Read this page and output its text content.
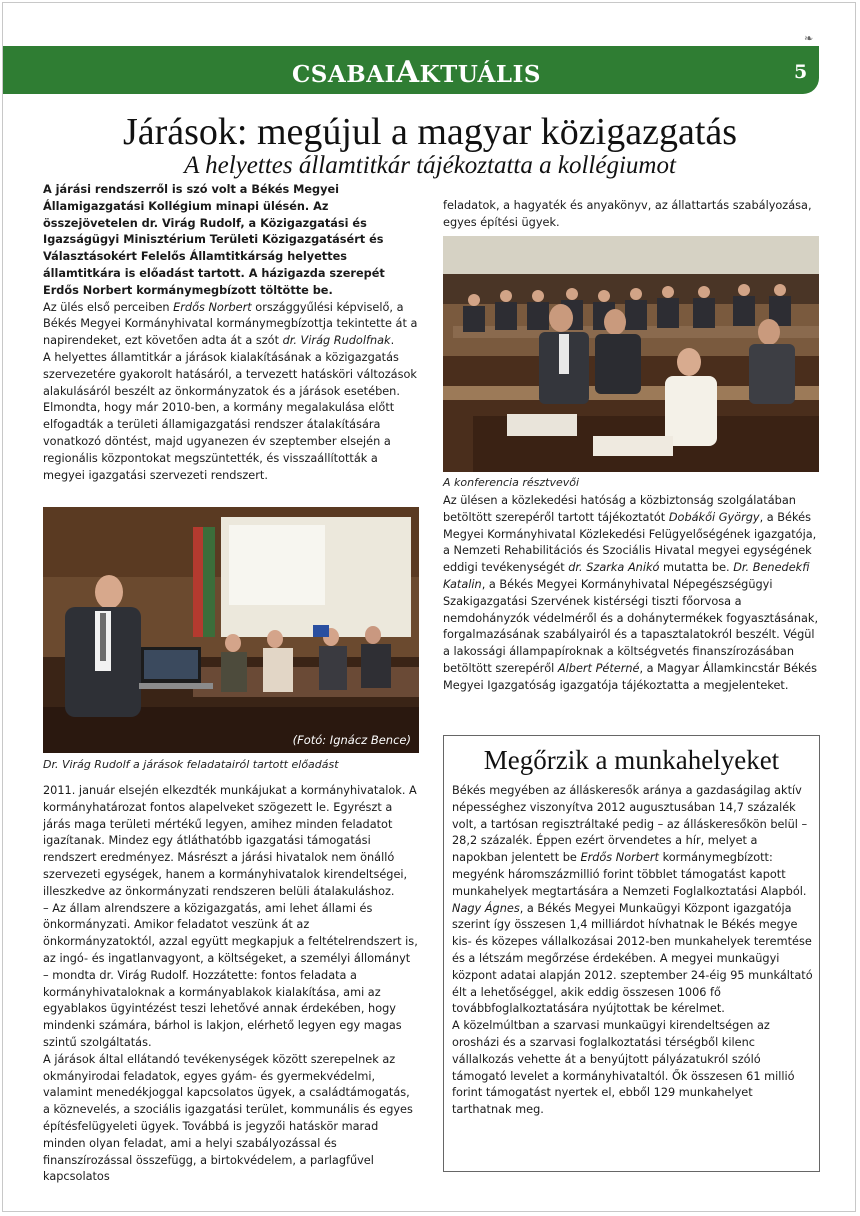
❧
CSABAIAKTUÁLIS	5
Járások: megújul a magyar közigazgatás
A helyettes államtitkár tájékoztatta a kollégiumot

A járási rendszerről is szó volt a Békés Megyei Államigazgatási Kollégium minapi ülésén. Az összejövetelen dr. Virág Rudolf, a Közigazgatási és Igazságügyi Minisztérium Területi Közigazgatásért és Választásokért Felelős Államtitkárság helyettes államtitkára is előadást tartott. A házigazda szerepét Erdős Norbert kormánymegbízott töltötte be.

Az ülés első perceiben Erdős Norbert országgyűlési képviselő, a Békés Megyei Kormányhivatal kormánymegbízottja tekintette át a napirendeket, ezt követően adta át a szót dr. Virág Rudolfnak.

A helyettes államtitkár a járások kialakításának a közigazgatás szervezetére gyakorolt hatásáról, a tervezett hatásköri változások alakulásáról beszélt az önkormányzatok és a járások esetében. Elmondta, hogy már 2010-ben, a kormány megalakulása előtt elfogadták a területi államigazgatási rendszer átalakítására vonatkozó döntést, majd ugyanezen év szeptember elsején a regionális központokat megszüntették, és visszaállították a megyei igazgatási szervezeti rendszert.

(Fotó: Ignácz Bence)
Dr. Virág Rudolf a járások feladatairól tartott előadást

2011. január elsején elkezdték munkájukat a kormányhivatalok. A kormányhatározat fontos alapelveket szögezett le. Egyrészt a járás maga területi mértékű legyen, amihez minden feladatot igazítanak. Mindez egy átláthatóbb igazgatási támogatási rendszert eredményez. Másrészt a járási hivatalok nem önálló szervezeti egységek, hanem a kormányhivatalok kirendeltségei, illeszkedve az önkormányzati rendszeren belüli átalakuláshoz.

– Az állam alrendszere a közigazgatás, ami lehet állami és önkormányzati. Amikor feladatot veszünk át az önkormányzatoktól, azzal együtt megkapjuk a feltételrendszert is, az ingó- és ingatlanvagyont, a költségeket, a személyi állományt – mondta dr. Virág Rudolf. Hozzátette: fontos feladata a kormányhivataloknak a kormányablakok kialakítása, ami az egyablakos ügyintézést teszi lehetővé annak érdekében, hogy mindenki számára, bárhol is lakjon, elérhető legyen egy magas szintű szolgáltatás.

A járások által ellátandó tevékenységek között szerepelnek az okmányirodai feladatok, egyes gyám- és gyermekvédelmi, valamint menedékjoggal kapcsolatos ügyek, a családtámogatás, a köznevelés, a szociális igazgatási terület, kommunális és egyes építésfelügyeleti ügyek. Továbbá is jegyzői hatáskör marad minden olyan feladat, ami a helyi szabályozással és finanszírozással összefügg, a birtokvédelem, a parlagfűvel kapcsolatos

feladatok, a hagyaték és anyakönyv, az állattartás szabályozása, egyes építési ügyek.
A konferencia résztvevői

Az ülésen a közlekedési hatóság a közbiztonság szolgálatában betöltött szerepéről tartott tájékoztatót Dobákői György, a Békés Megyei Kormányhivatal Közlekedési Felügyelőségének igazgatója, a Nemzeti Rehabilitációs és Szociális Hivatal megyei egységének eddigi tevékenységét dr. Szarka Anikó mutatta be. Dr. Benedekfi Katalin, a Békés Megyei Kormányhivatal Népegészségügyi Szakigazgatási Szervének kistérségi tiszti főorvosa a nemdohányzók védelméről és a dohánytermékek fogyasztásának, forgalmazásának szabályairól és a tapasztalatokról beszélt. Végül a lakossági állampapíroknak a költségvetés finanszírozásában betöltött szerepéről Albert Péterné, a Magyar Államkincstár Békés Megyei Igazgatóság igazgatója tájékoztatta a megjelenteket.

Megőrzik a munkahelyeket

Békés megyében az álláskeresők aránya a gazdaságilag aktív népességhez viszonyítva 2012 augusztusában 14,7 százalék volt, a tartósan regisztráltaké pedig – az álláskeresőkön belül – 28,2 százalék. Éppen ezért örvendetes a hír, melyet a napokban jelentett be Erdős Norbert kormánymegbízott: megyénk háromszázmillió forint többlet támogatást kapott munkahelyek megtartására a Nemzeti Foglalkoztatási Alapból.

Nagy Ágnes, a Békés Megyei Munkaügyi Központ igazgatója szerint így összesen 1,4 milliárdot hívhatnak le Békés megye kis- és közepes vállalkozásai 2012-ben munkahelyek teremtése és a létszám megőrzése érdekében. A megyei munkaügyi központ adatai alapján 2012. szeptember 24-éig 95 munkáltató élt a lehetőséggel, akik eddig összesen 1006 fő továbbfoglalkoztatására nyújtottak be kérelmet.

A közelmúltban a szarvasi munkaügyi kirendeltségen az orosházi és a szarvasi foglalkoztatási térségből kilenc vállalkozás vehette át a benyújtott pályázatukról szóló támogató levelet a kormányhivataltól. Ők összesen 61 millió forint támogatást nyertek el, ebből 129 munkahelyet tarthatnak meg.
